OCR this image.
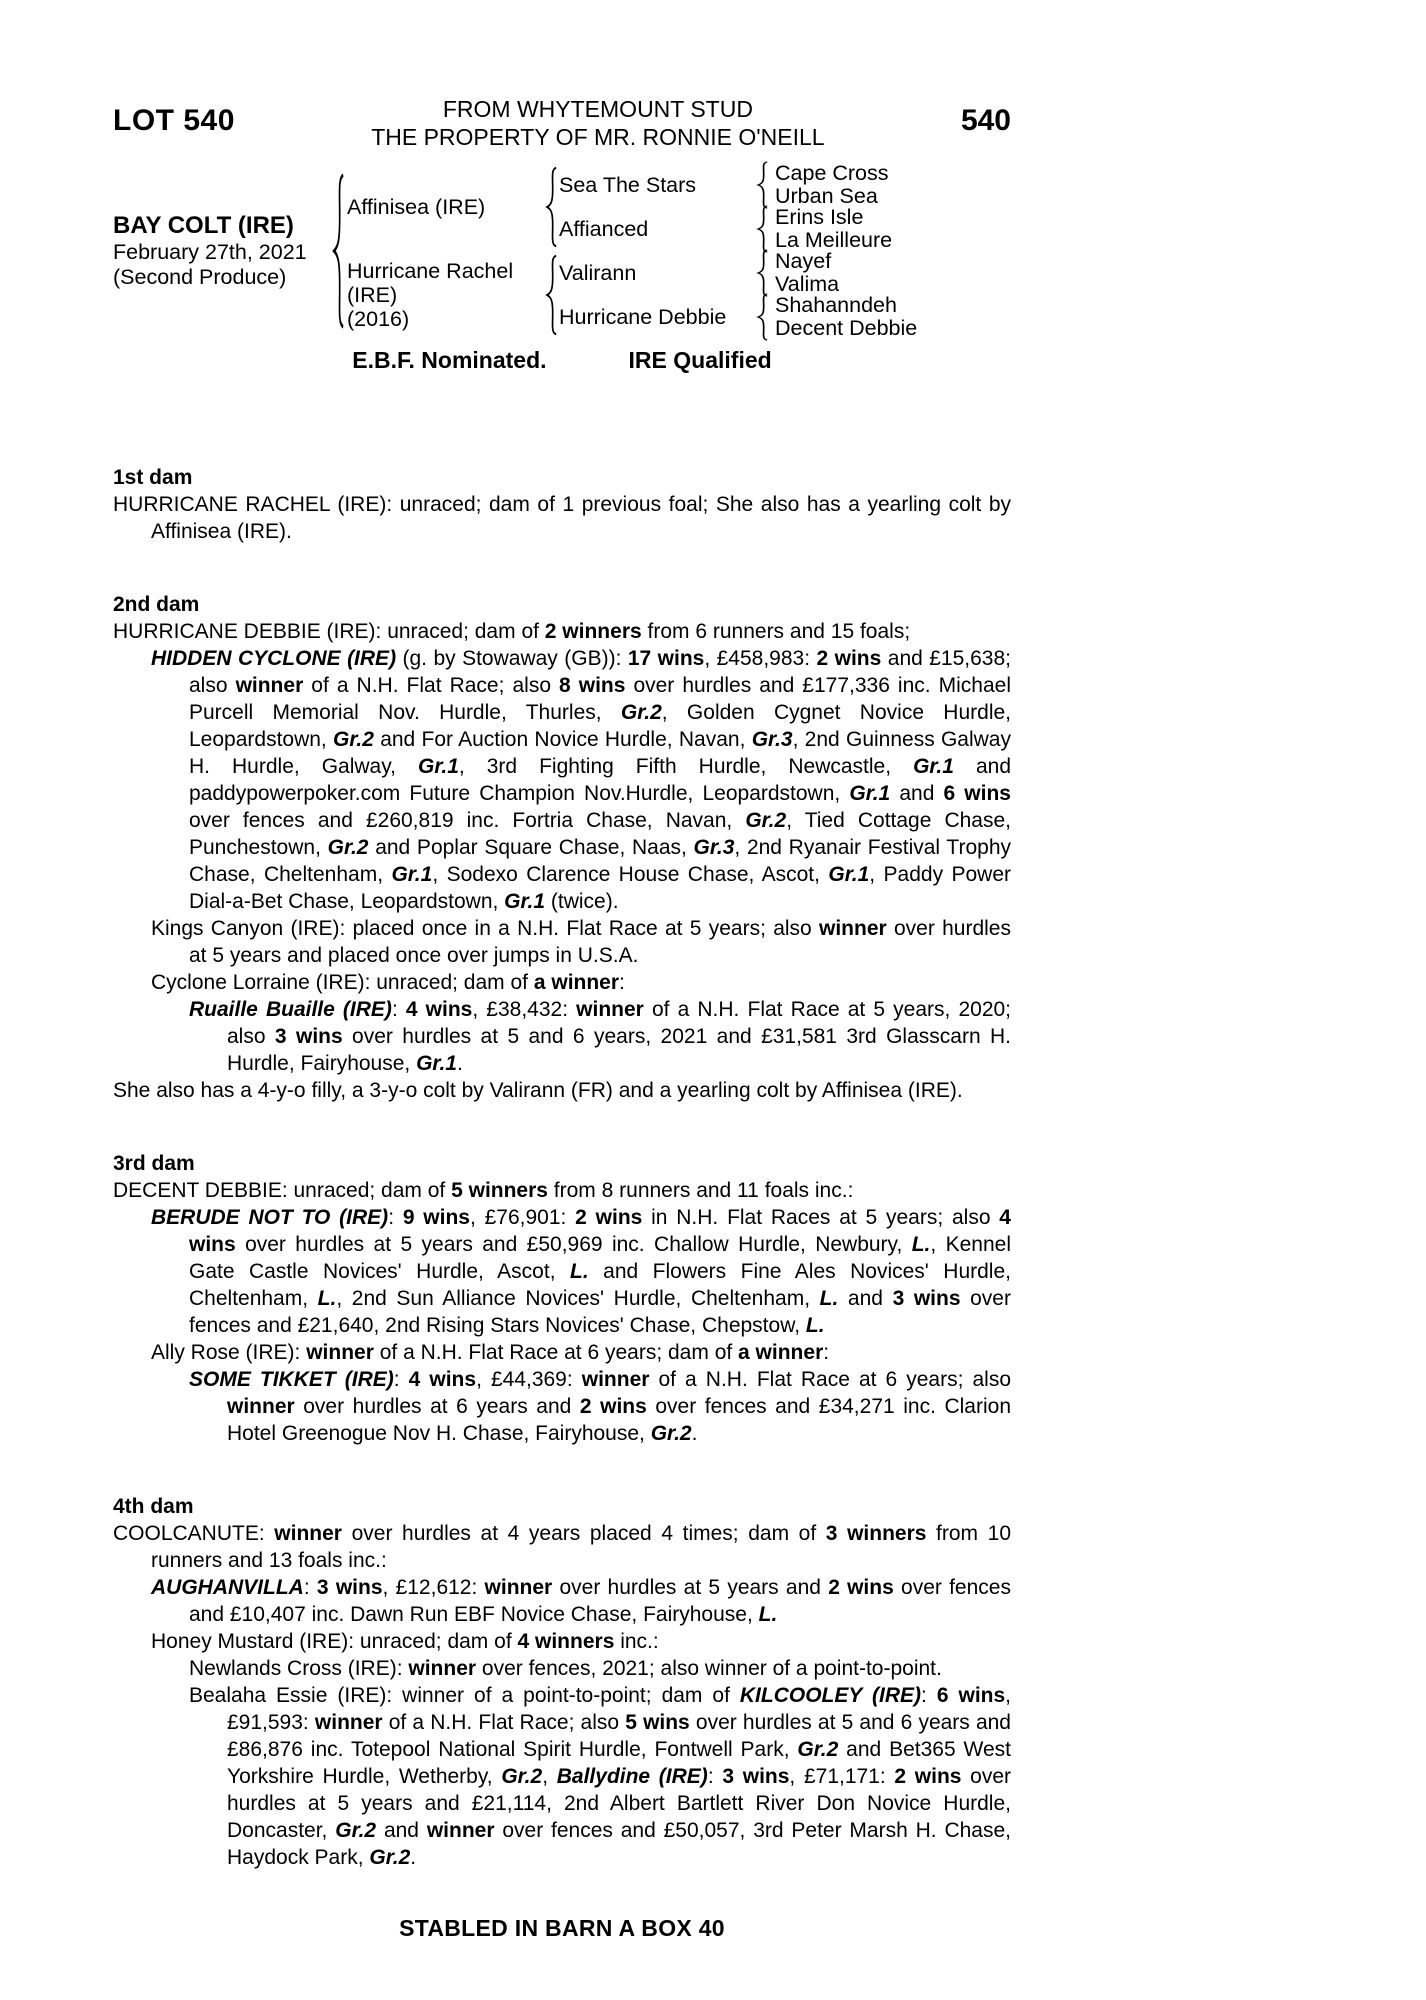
LOT 540	FROM WHYTEMOUNT STUD
THE PROPERTY OF MR. RONNIE O'NEILL	540
BAY COLT (IRE)
February 27th, 2021
(Second Produce)
Affinisea (IRE)
Hurricane Rachel
(IRE)
(2016)
Sea The Stars
Affianced
Valirann
Hurricane Debbie
Cape Cross
Urban Sea
Erins Isle
La Meilleure
Nayef
Valima
Shahanndeh
Decent Debbie
E.B.F. Nominated.	IRE Qualified
1st dam
HURRICANE RACHEL (IRE): unraced; dam of 1 previous foal; She also has a yearling colt by Affinisea (IRE).
2nd dam
HURRICANE DEBBIE (IRE): unraced; dam of 2 winners from 6 runners and 15 foals;
HIDDEN CYCLONE (IRE) (g. by Stowaway (GB)): 17 wins, £458,983: 2 wins and £15,638; also winner of a N.H. Flat Race; also 8 wins over hurdles and £177,336 inc. Michael Purcell Memorial Nov. Hurdle, Thurles, Gr.2, Golden Cygnet Novice Hurdle, Leopardstown, Gr.2 and For Auction Novice Hurdle, Navan, Gr.3, 2nd Guinness Galway H. Hurdle, Galway, Gr.1, 3rd Fighting Fifth Hurdle, Newcastle, Gr.1 and paddypowerpoker.com Future Champion Nov.Hurdle, Leopardstown, Gr.1 and 6 wins over fences and £260,819 inc. Fortria Chase, Navan, Gr.2, Tied Cottage Chase, Punchestown, Gr.2 and Poplar Square Chase, Naas, Gr.3, 2nd Ryanair Festival Trophy Chase, Cheltenham, Gr.1, Sodexo Clarence House Chase, Ascot, Gr.1, Paddy Power Dial-a-Bet Chase, Leopardstown, Gr.1 (twice).
Kings Canyon (IRE): placed once in a N.H. Flat Race at 5 years; also winner over hurdles at 5 years and placed once over jumps in U.S.A.
Cyclone Lorraine (IRE): unraced; dam of a winner:
Ruaille Buaille (IRE): 4 wins, £38,432: winner of a N.H. Flat Race at 5 years, 2020; also 3 wins over hurdles at 5 and 6 years, 2021 and £31,581 3rd Glasscarn H. Hurdle, Fairyhouse, Gr.1.
She also has a 4-y-o filly, a 3-y-o colt by Valirann (FR) and a yearling colt by Affinisea (IRE).
3rd dam
DECENT DEBBIE: unraced; dam of 5 winners from 8 runners and 11 foals inc.:
BERUDE NOT TO (IRE): 9 wins, £76,901: 2 wins in N.H. Flat Races at 5 years; also 4 wins over hurdles at 5 years and £50,969 inc. Challow Hurdle, Newbury, L., Kennel Gate Castle Novices' Hurdle, Ascot, L. and Flowers Fine Ales Novices' Hurdle, Cheltenham, L., 2nd Sun Alliance Novices' Hurdle, Cheltenham, L. and 3 wins over fences and £21,640, 2nd Rising Stars Novices' Chase, Chepstow, L.
Ally Rose (IRE): winner of a N.H. Flat Race at 6 years; dam of a winner:
SOME TIKKET (IRE): 4 wins, £44,369: winner of a N.H. Flat Race at 6 years; also winner over hurdles at 6 years and 2 wins over fences and £34,271 inc. Clarion Hotel Greenogue Nov H. Chase, Fairyhouse, Gr.2.
4th dam
COOLCANUTE: winner over hurdles at 4 years placed 4 times; dam of 3 winners from 10 runners and 13 foals inc.:
AUGHANVILLA: 3 wins, £12,612: winner over hurdles at 5 years and 2 wins over fences and £10,407 inc. Dawn Run EBF Novice Chase, Fairyhouse, L.
Honey Mustard (IRE): unraced; dam of 4 winners inc.:
Newlands Cross (IRE): winner over fences, 2021; also winner of a point-to-point.
Bealaha Essie (IRE): winner of a point-to-point; dam of KILCOOLEY (IRE): 6 wins, £91,593: winner of a N.H. Flat Race; also 5 wins over hurdles at 5 and 6 years and £86,876 inc. Totepool National Spirit Hurdle, Fontwell Park, Gr.2 and Bet365 West Yorkshire Hurdle, Wetherby, Gr.2, Ballydine (IRE): 3 wins, £71,171: 2 wins over hurdles at 5 years and £21,114, 2nd Albert Bartlett River Don Novice Hurdle, Doncaster, Gr.2 and winner over fences and £50,057, 3rd Peter Marsh H. Chase, Haydock Park, Gr.2.
STABLED IN BARN A BOX 40
